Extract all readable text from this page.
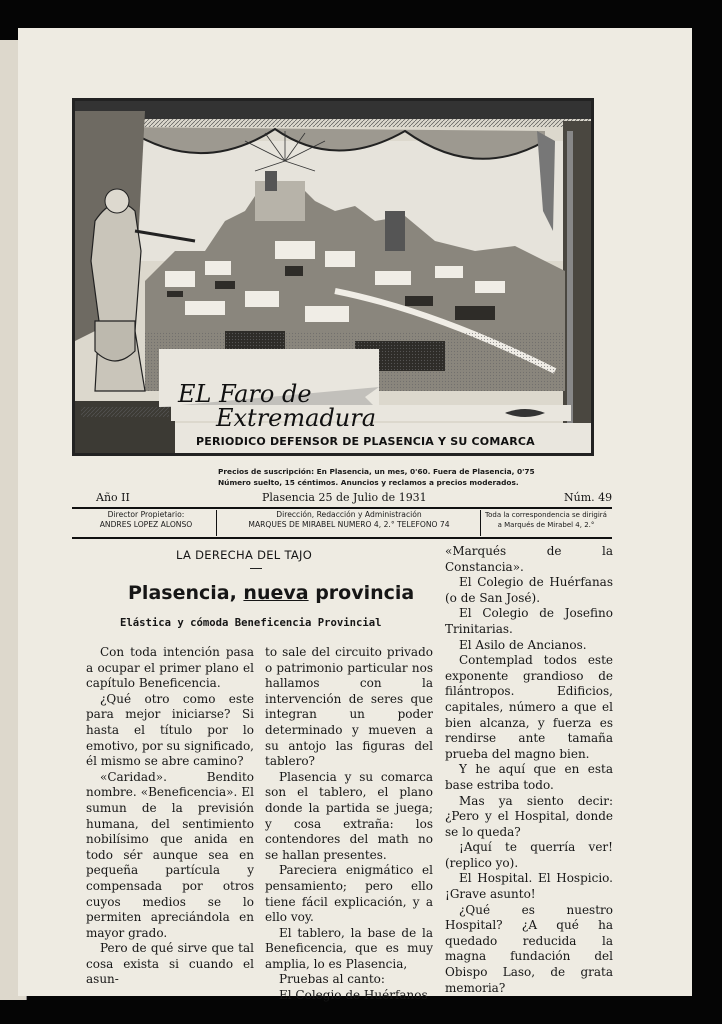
EL Faro de
Extremadura
PERIODICO DEFENSOR DE PLASENCIA Y SU COMARCA
Precios de suscripción: En Plasencia, un mes, 0'60. Fuera de Plasencia, 0'75
Número suelto, 15 céntimos. Anuncios y reclamos a precios moderados.
Año II	Plasencia 25 de Julio de 1931	Núm. 49
Director Propietario:
ANDRES LOPEZ ALONSO
Dirección, Redacción y Administración
MARQUES DE MIRABEL NUMERO 4, 2.° TELEFONO 74
Toda la correspondencia se dirigirá
a Marqués de Mirabel 4, 2.°
LA DERECHA DEL TAJO
Plasencia, nueva provincia
Elástica y cómoda Beneficencia Provincial

Con toda intención pasa a ocupar el primer plano el capítulo Beneficencia.

¿Qué otro como este para mejor iniciarse? Si hasta el título por lo emotivo, por su significado, él mismo se abre camino?

«Caridad». Bendito nombre. «Beneficencia». El sumun de la previsión humana, del sentimiento nobilísimo que anida en todo sér aunque sea en pequeña partícula y compensada por otros cuyos medios se lo permiten apreciándola en mayor grado.

Pero de qué sirve que tal cosa exista si cuando el asun-

to sale del circuito privado o patrimonio particular nos hallamos con la intervención de seres que integran un poder determinado y mueven a su antojo las figuras del tablero?

Plasencia y su comarca son el tablero, el plano donde la partida se juega; y cosa extraña: los contendores del math no se hallan presentes.

Pareciera enigmático el pensamiento; pero ello tiene fácil explicación, y a ello voy.

El tablero, la base de la Beneficencia, que es muy amplia, lo es Plasencia,

Pruebas al canto:

El Colegio de Huérfanos

«Marqués de la Constancia».

El Colegio de Huérfanas (o de San José).

El Colegio de Josefino Trinitarias.

El Asilo de Ancianos.

Contemplad todos este exponente grandioso de filántropos. Edificios, capitales, número a que el bien alcanza, y fuerza es rendirse ante tamaña prueba del magno bien.

Y he aquí que en esta base estriba todo.

Mas ya siento decir: ¿Pero y el Hospital, donde se lo queda?

¡Aquí te querría ver! (replico yo).

El Hospital. El Hospicio. ¡Grave asunto!

¿Qué es nuestro Hospital? ¿A qué ha quedado reducida la magna fundación del Obispo Laso, de grata memoria?
